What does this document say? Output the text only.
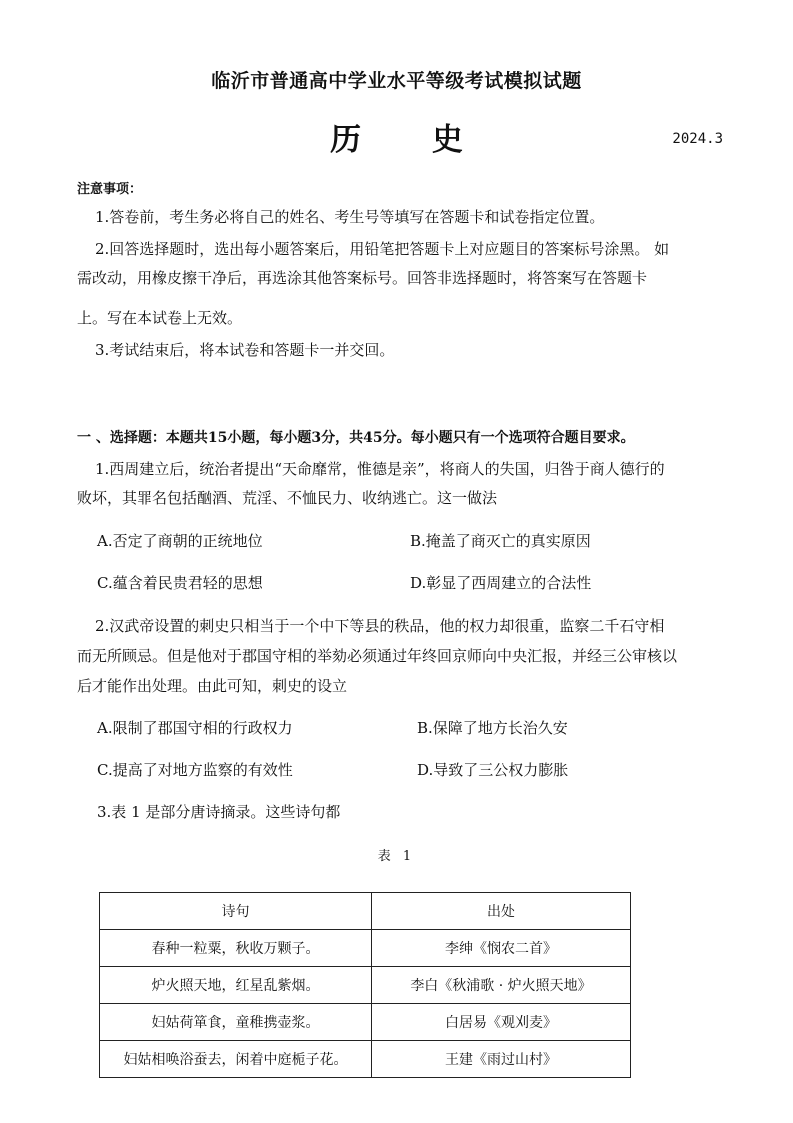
临沂市普通高中学业水平等级考试模拟试题
历 史	2024.3
注意事项：
1.答卷前，考生务必将自己的姓名、考生号等填写在答题卡和试卷指定位置。
2.回答选择题时，选出每小题答案后，用铅笔把答题卡上对应题目的答案标号涂黑。 如
需改动，用橡皮擦干净后，再选涂其他答案标号。回答非选择题时，将答案写在答题卡
上。写在本试卷上无效。
3.考试结束后，将本试卷和答题卡一并交回。
一 、选择题：本题共15小题，每小题3分，共45分。每小题只有一个选项符合题目要求。
1.西周建立后，统治者提出“天命靡常，惟德是亲”，将商人的失国，归咎于商人德行的
败坏，其罪名包括酗酒、荒淫、不恤民力、收纳逃亡。这一做法
A.否定了商朝的正统地位	B.掩盖了商灭亡的真实原因
C.蕴含着民贵君轻的思想	D.彰显了西周建立的合法性
2.汉武帝设置的刺史只相当于一个中下等县的秩品，他的权力却很重，监察二千石守相
而无所顾忌。但是他对于郡国守相的举劾必须通过年终回京师向中央汇报，并经三公审核以
后才能作出处理。由此可知，刺史的设立
A.限制了郡国守相的行政权力	B.保障了地方长治久安
C.提高了对地方监察的有效性	D.导致了三公权力膨胀
3.表 1 是部分唐诗摘录。这些诗句都
表 1
诗句	出处
春种一粒粟，秋收万颗子。	李绅《悯农二首》
炉火照天地，红星乱紫烟。	李白《秋浦歌 · 炉火照天地》
妇姑荷箪食，童稚携壶浆。	白居易《观刈麦》
妇姑相唤浴蚕去，闲着中庭栀子花。	王建《雨过山村》
